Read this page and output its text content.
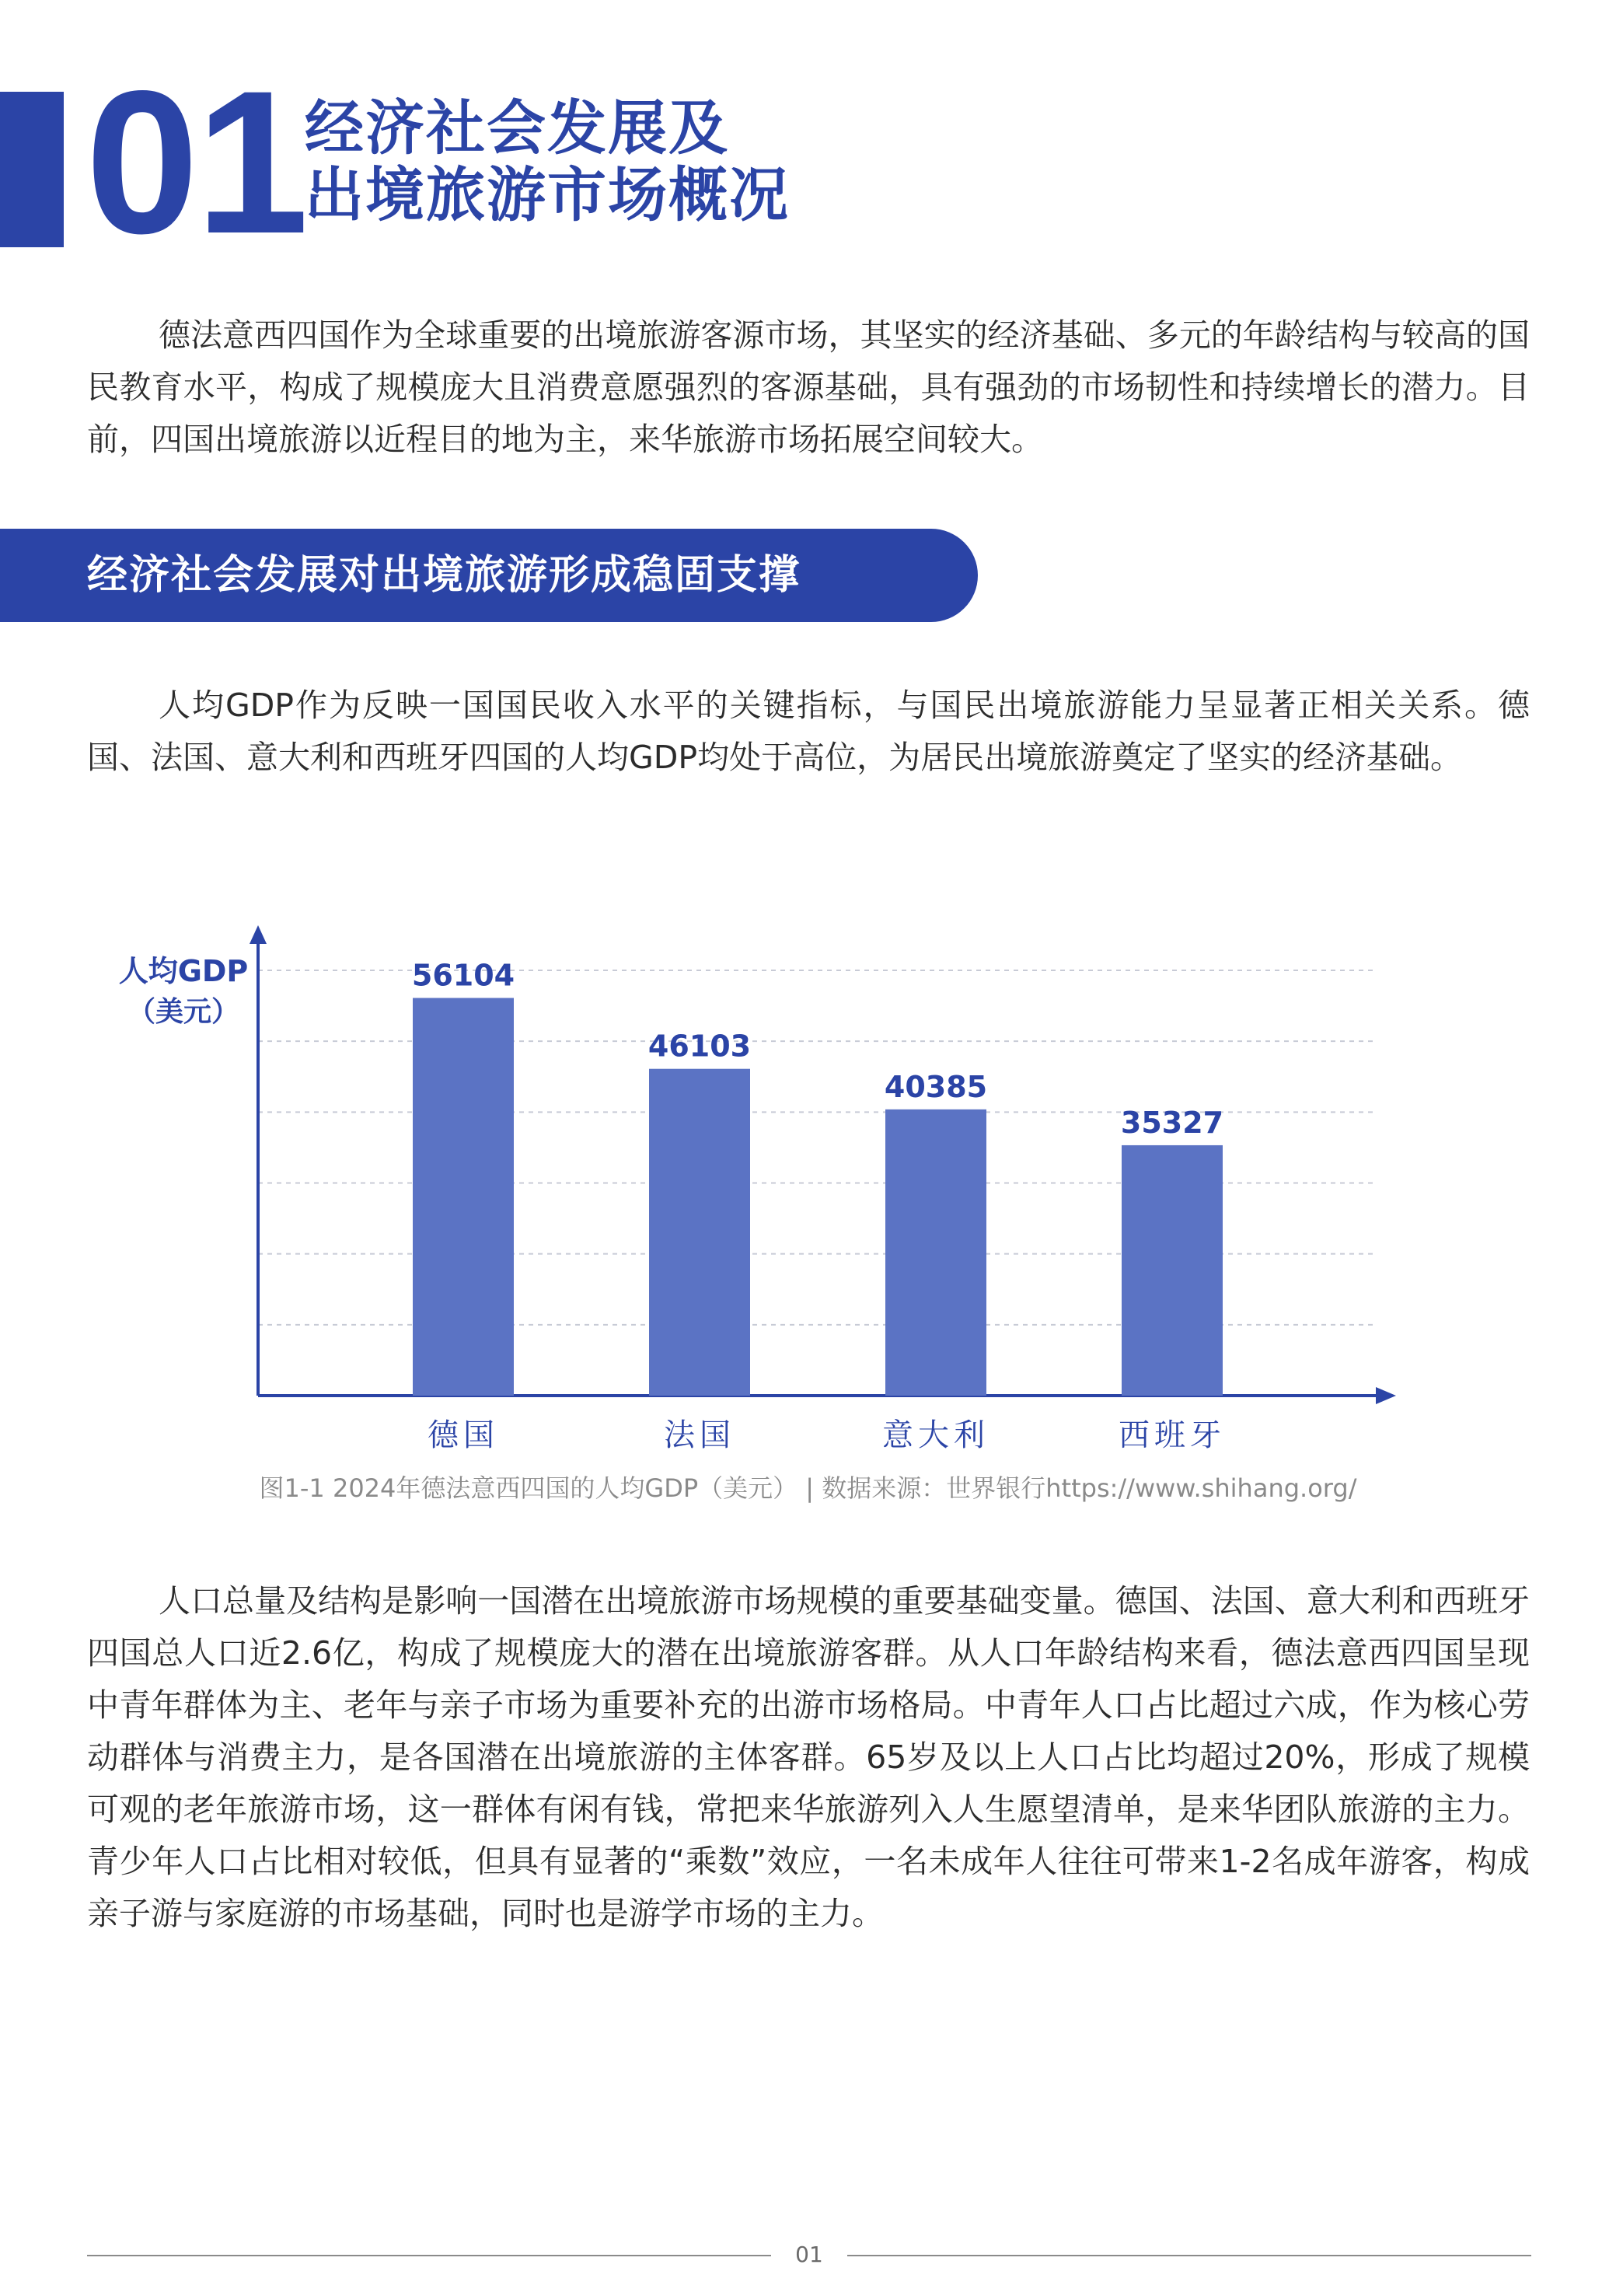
01
经济社会发展及
出境旅游市场概况

德法意西四国作为全球重要的出境旅游客源市场，其坚实的经济基础、多元的年龄结构与较高的国民教育水平，构成了规模庞大且消费意愿强烈的客源基础，具有强劲的市场韧性和持续增长的潜力。目前，四国出境旅游以近程目的地为主，来华旅游市场拓展空间较大。

经济社会发展对出境旅游形成稳固支撑

人均GDP作为反映一国国民收入水平的关键指标，与国民出境旅游能力呈显著正相关关系。德国、法国、意大利和西班牙四国的人均GDP均处于高位，为居民出境旅游奠定了坚实的经济基础。

56104
46103
40385
35327
德国	法国	意大利	西班牙
人均GDP
（美元）
图1-1 2024年德法意西四国的人均GDP（美元） | 数据来源：世界银行https://www.shihang.org/

人口总量及结构是影响一国潜在出境旅游市场规模的重要基础变量。德国、法国、意大利和西班牙四国总人口近2.6亿，构成了规模庞大的潜在出境旅游客群。从人口年龄结构来看，德法意西四国呈现中青年群体为主、老年与亲子市场为重要补充的出游市场格局。中青年人口占比超过六成，作为核心劳动群体与消费主力，是各国潜在出境旅游的主体客群。65岁及以上人口占比均超过20%，形成了规模可观的老年旅游市场，这一群体有闲有钱，常把来华旅游列入人生愿望清单，是来华团队旅游的主力。青少年人口占比相对较低，但具有显著的“乘数”效应，一名未成年人往往可带来1-2名成年游客，构成亲子游与家庭游的市场基础，同时也是游学市场的主力。

01
